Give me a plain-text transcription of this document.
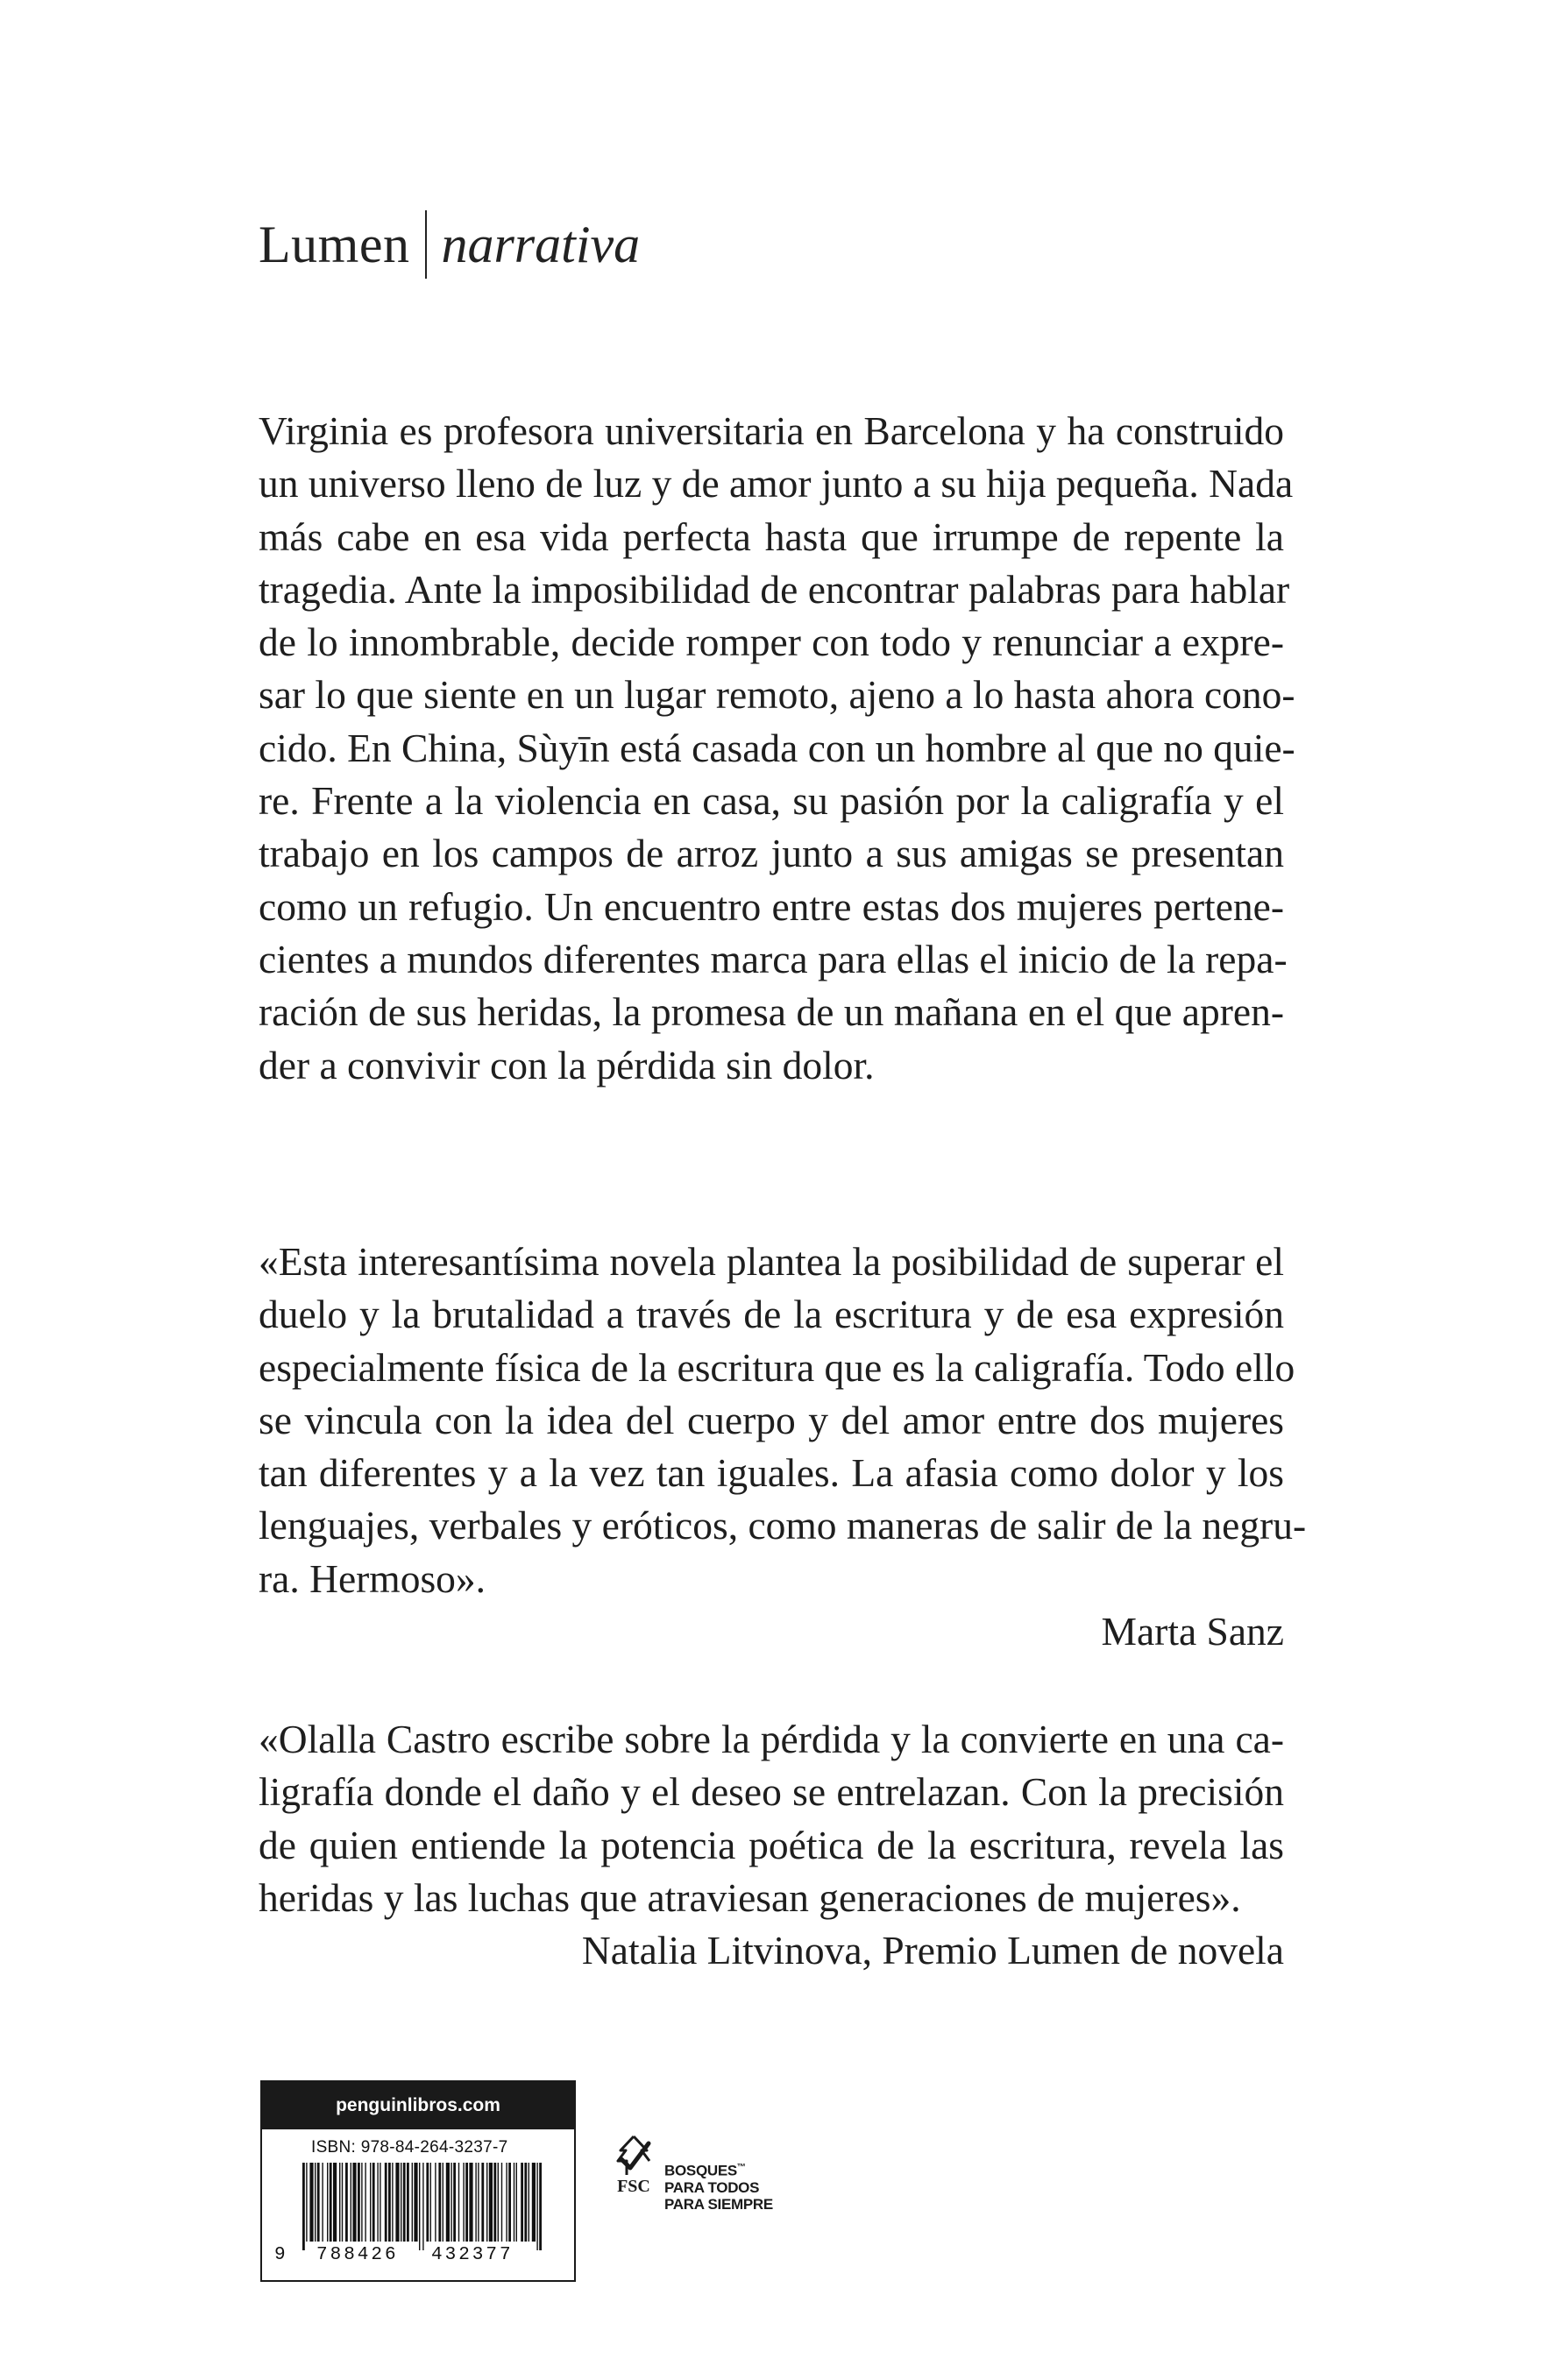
Lumen narrativa
Virginia es profesora universitaria en Barcelona y ha construido
un universo lleno de luz y de amor junto a su hija pequeña. Nada
más cabe en esa vida perfecta hasta que irrumpe de repente la
tragedia. Ante la imposibilidad de encontrar palabras para hablar
de lo innombrable, decide romper con todo y renunciar a expre-
sar lo que siente en un lugar remoto, ajeno a lo hasta ahora cono-
cido. En China, Sùyīn está casada con un hombre al que no quie-
re. Frente a la violencia en casa, su pasión por la caligrafía y el
trabajo en los campos de arroz junto a sus amigas se presentan
como un refugio. Un encuentro entre estas dos mujeres pertene-
cientes a mundos diferentes marca para ellas el inicio de la repa-
ración de sus heridas, la promesa de un mañana en el que apren-
der a convivir con la pérdida sin dolor.
«Esta interesantísima novela plantea la posibilidad de superar el
duelo y la brutalidad a través de la escritura y de esa expresión
especialmente física de la escritura que es la caligrafía. Todo ello
se vincula con la idea del cuerpo y del amor entre dos mujeres
tan diferentes y a la vez tan iguales. La afasia como dolor y los
lenguajes, verbales y eróticos, como maneras de salir de la negru-
ra. Hermoso».
Marta Sanz
«Olalla Castro escribe sobre la pérdida y la convierte en una ca-
ligrafía donde el daño y el deseo se entrelazan. Con la precisión
de quien entiende la potencia poética de la escritura, revela las
heridas y las luchas que atraviesan generaciones de mujeres».
Natalia Litvinova, Premio Lumen de novela
penguinlibros.com
ISBN: 978-84-264-3237-7
9 788426 432377
FSC
BOSQUES™
PARA TODOS
PARA SIEMPRE
